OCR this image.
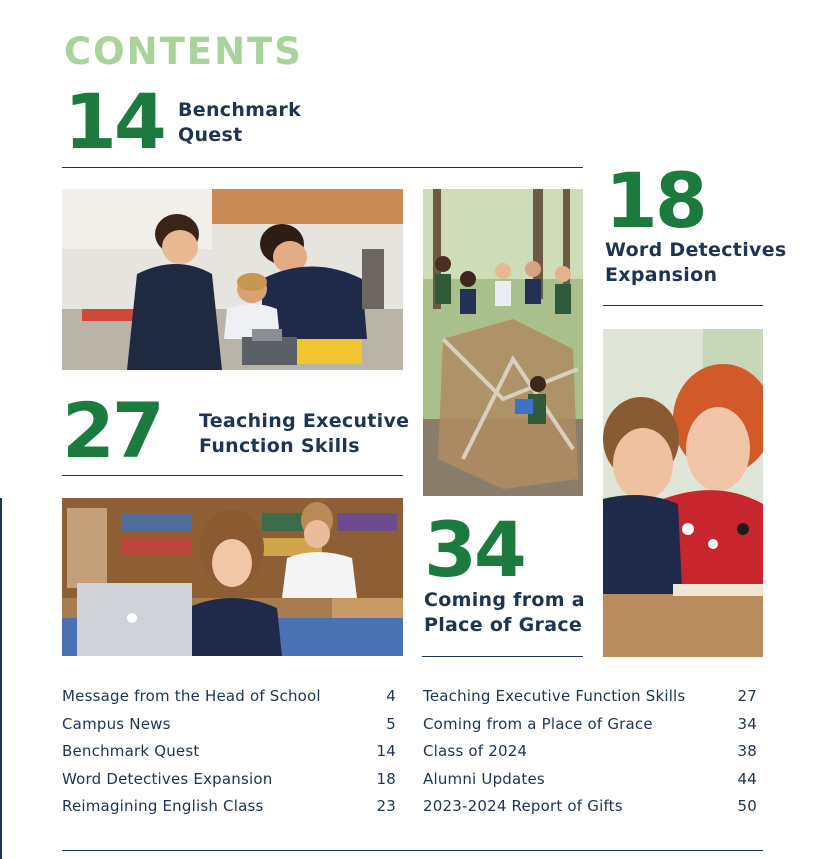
CONTENTS
14 Benchmark
Quest
18
Word Detectives
Expansion
27 Teaching Executive
Function Skills
34
Coming from a
Place of Grace
Message from the Head of School	4
Campus News	5
Benchmark Quest	14
Word Detectives Expansion	18
Reimagining English Class	23
Teaching Executive Function Skills	27
Coming from a Place of Grace	34
Class of 2024	38
Alumni Updates	44
2023-2024 Report of Gifts	50
